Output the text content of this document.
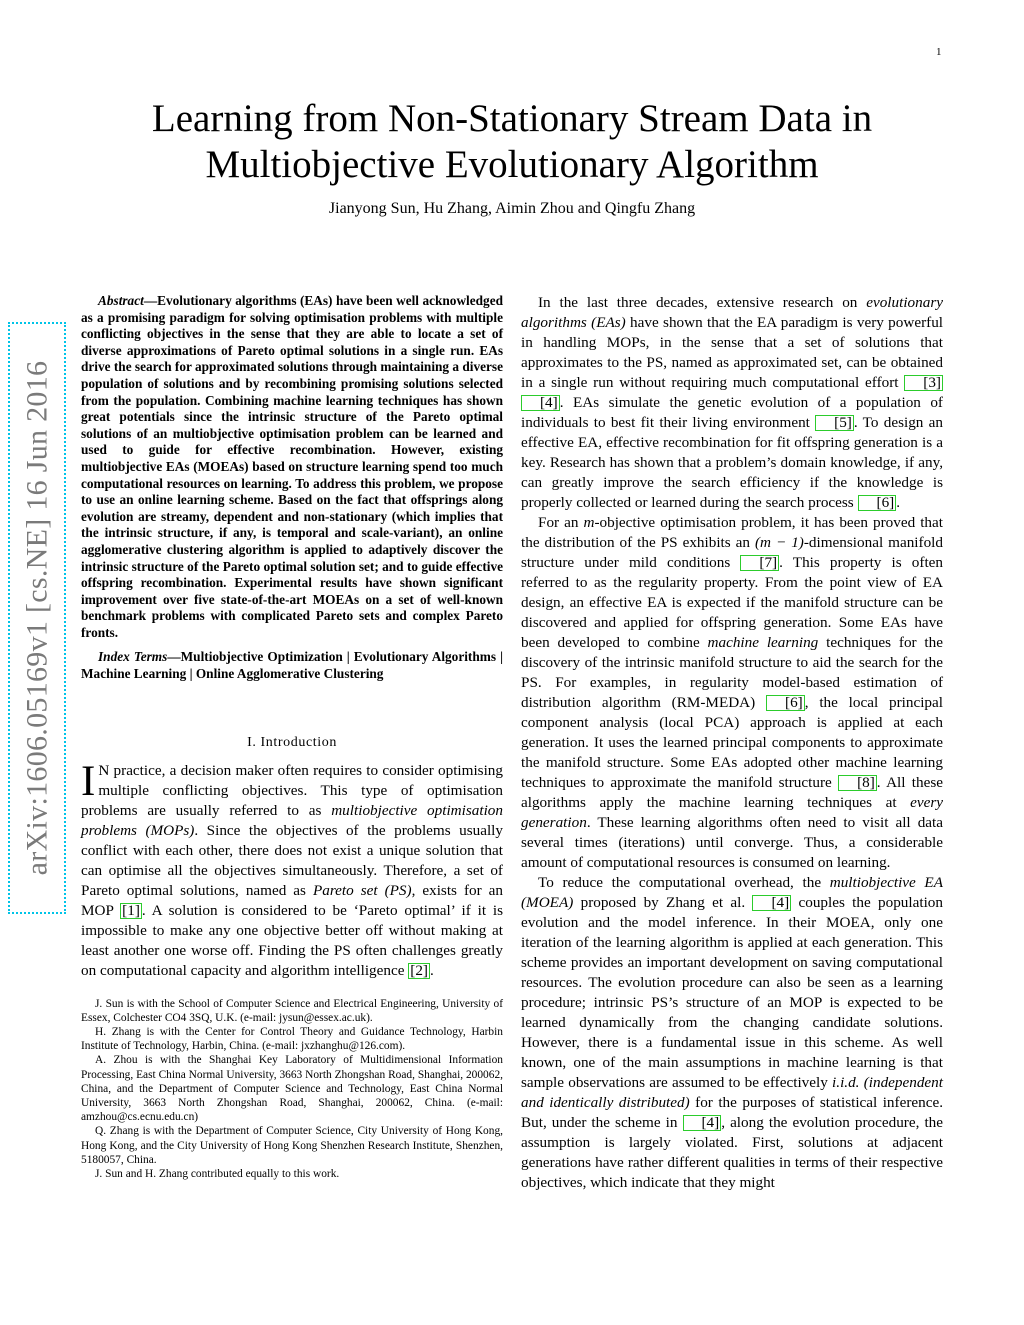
1
arXiv:1606.05169v1 [cs.NE] 16 Jun 2016
Learning from Non-Stationary Stream Data in Multiobjective Evolutionary Algorithm
Jianyong Sun, Hu Zhang, Aimin Zhou and Qingfu Zhang

Abstract—Evolutionary algorithms (EAs) have been well acknowledged as a promising paradigm for solving optimisation problems with multiple conflicting objectives in the sense that they are able to locate a set of diverse approximations of Pareto optimal solutions in a single run. EAs drive the search for approximated solutions through maintaining a diverse population of solutions and by recombining promising solutions selected from the population. Combining machine learning techniques has shown great potentials since the intrinsic structure of the Pareto optimal solutions of an multiobjective optimisation problem can be learned and used to guide for effective recombination. However, existing multiobjective EAs (MOEAs) based on structure learning spend too much computational resources on learning. To address this problem, we propose to use an online learning scheme. Based on the fact that offsprings along evolution are streamy, dependent and non-stationary (which implies that the intrinsic structure, if any, is temporal and scale-variant), an online agglomerative clustering algorithm is applied to adaptively discover the intrinsic structure of the Pareto optimal solution set; and to guide effective offspring recombination. Experimental results have shown significant improvement over five state-of-the-art MOEAs on a set of well-known benchmark problems with complicated Pareto sets and complex Pareto fronts.

Index Terms—Multiobjective Optimization | Evolutionary Algorithms | Machine Learning | Online Agglomerative Clustering

I. Introduction

I N practice, a decision maker often requires to consider optimising multiple conflicting objectives. This type of optimisation problems are usually referred to as multiobjective optimisation problems (MOPs). Since the objectives of the problems usually conflict with each other, there does not exist a unique solution that can optimise all the objectives simultaneously. Therefore, a set of Pareto optimal solutions, named as Pareto set (PS), exists for an MOP [1] . A solution is considered to be ‘Pareto optimal’ if it is impossible to make any one objective better off without making at least another one worse off. Finding the PS often challenges greatly on computational capacity and algorithm intelligence [2] .

J. Sun is with the School of Computer Science and Electrical Engineering, University of Essex, Colchester CO4 3SQ, U.K. (e-mail: jysun@essex.ac.uk).

H. Zhang is with the Center for Control Theory and Guidance Technology, Harbin Institute of Technology, Harbin, China. (e-mail: jxzhanghu@126.com).

A. Zhou is with the Shanghai Key Laboratory of Multidimensional Information Processing, East China Normal University, 3663 North Zhongshan Road, Shanghai, 200062, China, and the Department of Computer Science and Technology, East China Normal University, 3663 North Zhongshan Road, Shanghai, 200062, China. (e-mail: amzhou@cs.ecnu.edu.cn)

Q. Zhang is with the Department of Computer Science, City University of Hong Kong, Hong Kong, and the City University of Hong Kong Shenzhen Research Institute, Shenzhen, 5180057, China.

J. Sun and H. Zhang contributed equally to this work.

In the last three decades, extensive research on evolutionary algorithms (EAs) have shown that the EA paradigm is very powerful in handling MOPs, in the sense that a set of solutions that approximates to the PS, named as approximated set, can be obtained in a single run without requiring much computational effort [3][4] . EAs simulate the genetic evolution of a population of individuals to best fit their living environment [5] . To design an effective EA, effective recombination for fit offspring generation is a key. Research has shown that a problem’s domain knowledge, if any, can greatly improve the search efficiency if the knowledge is properly collected or learned during the search process [6] .

For an m-objective optimisation problem, it has been proved that the distribution of the PS exhibits an (m − 1)-dimensional manifold structure under mild conditions [7] . This property is often referred to as the regularity property. From the point view of EA design, an effective EA is expected if the manifold structure can be discovered and applied for offspring generation. Some EAs have been developed to combine machine learning techniques for the discovery of the intrinsic manifold structure to aid the search for the PS. For examples, in regularity model-based estimation of distribution algorithm (RM-MEDA) [6] , the local principal component analysis (local PCA) approach is applied at each generation. It uses the learned principal components to approximate the manifold structure. Some EAs adopted other machine learning techniques to approximate the manifold structure [8] . All these algorithms apply the machine learning techniques at every generation. These learning algorithms often need to visit all data several times (iterations) until converge. Thus, a considerable amount of computational resources is consumed on learning.

To reduce the computational overhead, the multiobjective EA (MOEA) proposed by Zhang et al. [4] couples the population evolution and the model inference. In their MOEA, only one iteration of the learning algorithm is applied at each generation. This scheme provides an important development on saving computational resources. The evolution procedure can also be seen as a learning procedure; intrinsic PS’s structure of an MOP is expected to be learned dynamically from the changing candidate solutions. However, there is a fundamental issue in this scheme. As well known, one of the main assumptions in machine learning is that sample observations are assumed to be effectively i.i.d. (independent and identically distributed) for the purposes of statistical inference. But, under the scheme in [4] , along the evolution procedure, the assumption is largely violated. First, solutions at adjacent generations have rather different qualities in terms of their respective objectives, which indicate that they might
